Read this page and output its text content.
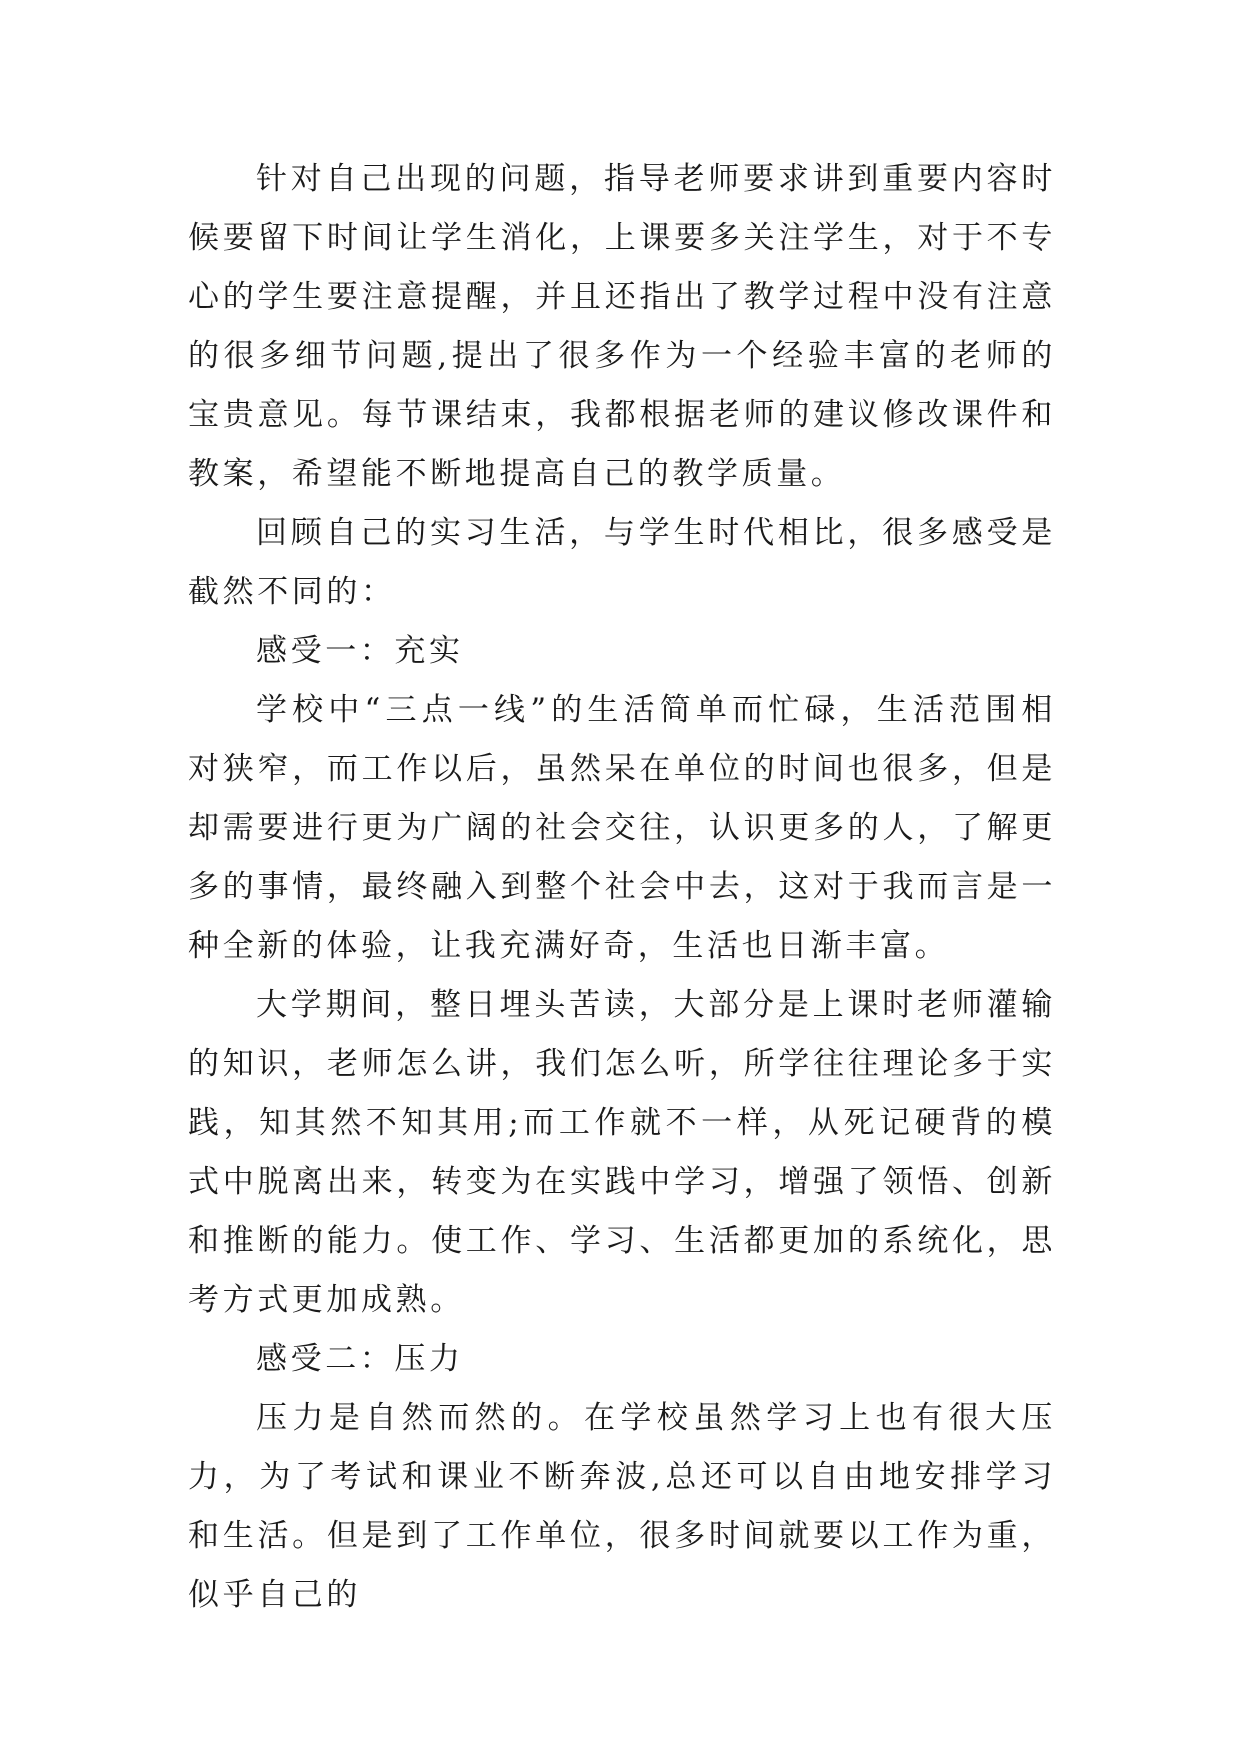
针对自己出现的问题，指导老师要求讲到重要内容时候要留下时间让学生消化，上课要多关注学生，对于不专心的学生要注意提醒，并且还指出了教学过程中没有注意的很多细节问题,提出了很多作为一个经验丰富的老师的宝贵意见。每节课结束，我都根据老师的建议修改课件和教案，希望能不断地提高自己的教学质量。

回顾自己的实习生活，与学生时代相比，很多感受是截然不同的：

感受一：充实

学校中“三点一线”的生活简单而忙碌，生活范围相对狭窄，而工作以后，虽然呆在单位的时间也很多，但是却需要进行更为广阔的社会交往，认识更多的人，了解更多的事情，最终融入到整个社会中去，这对于我而言是一种全新的体验，让我充满好奇，生活也日渐丰富。

大学期间，整日埋头苦读，大部分是上课时老师灌输的知识，老师怎么讲，我们怎么听，所学往往理论多于实践，知其然不知其用;而工作就不一样，从死记硬背的模式中脱离出来，转变为在实践中学习，增强了领悟、创新和推断的能力。使工作、学习、生活都更加的系统化，思考方式更加成熟。

感受二：压力

压力是自然而然的。在学校虽然学习上也有很大压力，为了考试和课业不断奔波,总还可以自由地安排学习和生活。但是到了工作单位，很多时间就要以工作为重，似乎自己的
